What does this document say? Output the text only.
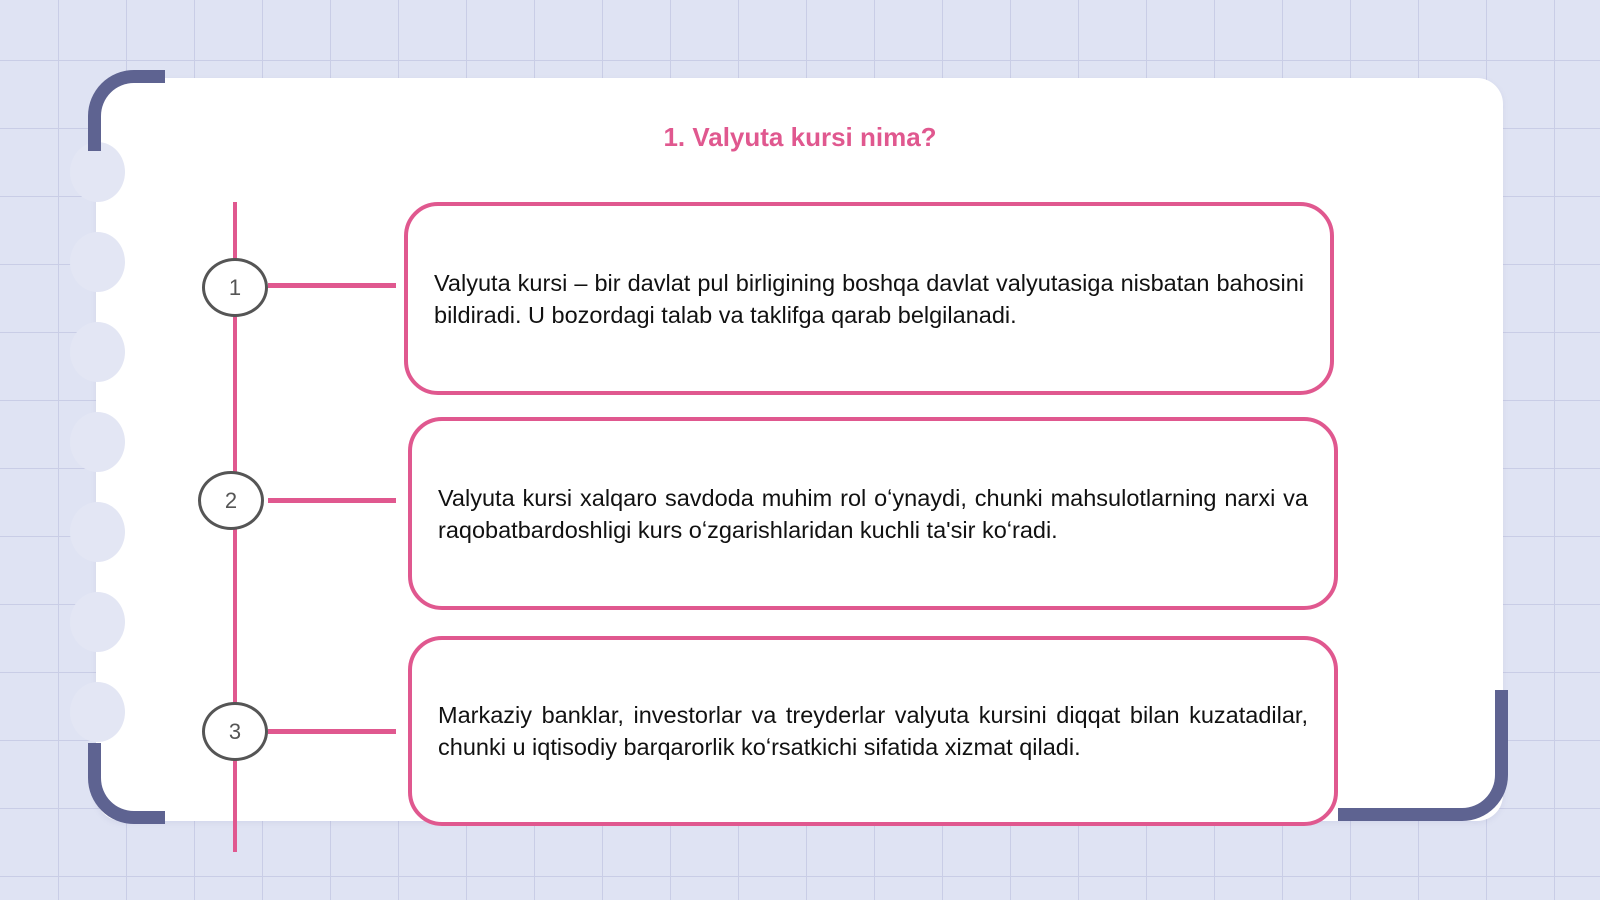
1. Valyuta kursi nima?
1
2
3

Valyuta kursi – bir davlat pul birligining boshqa davlat valyutasiga nisbatan bahosini bildiradi. U bozordagi talab va taklifga qarab belgilanadi.

Valyuta kursi xalqaro savdoda muhim rol oʻynaydi, chunki mahsulotlarning narxi va raqobatbardoshligi kurs oʻzgarishlaridan kuchli ta'sir koʻradi.

Markaziy banklar, investorlar va treyderlar valyuta kursini diqqat bilan kuzatadilar, chunki u iqtisodiy barqarorlik koʻrsatkichi sifatida xizmat qiladi.
